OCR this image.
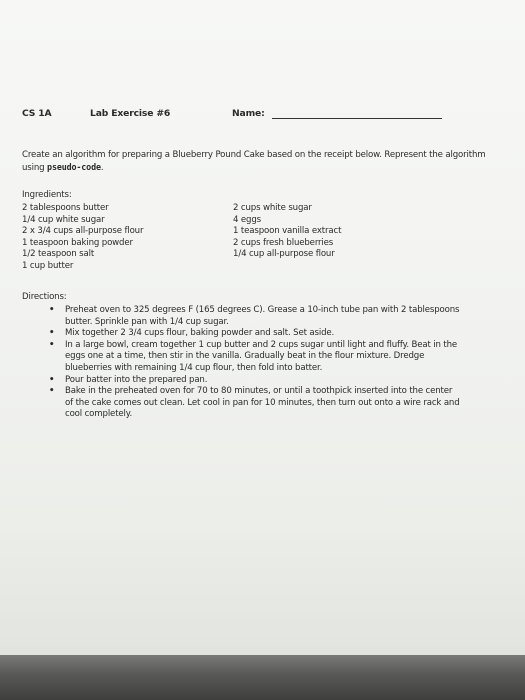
CS 1A	Lab Exercise #6	Name:
Create an algorithm for preparing a Blueberry Pound Cake based on the receipt below. Represent the algorithm using pseudo-code.
Ingredients:
2 tablespoons butter
1/4 cup white sugar
2 x 3/4 cups all-purpose flour
1 teaspoon baking powder
1/2 teaspoon salt
1 cup butter
2 cups white sugar
4 eggs
1 teaspoon vanilla extract
2 cups fresh blueberries
1/4 cup all-purpose flour
Directions:
• Preheat oven to 325 degrees F (165 degrees C). Grease a 10-inch tube pan with 2 tablespoons butter. Sprinkle pan with 1/4 cup sugar.
• Mix together 2 3/4 cups flour, baking powder and salt. Set aside.
• In a large bowl, cream together 1 cup butter and 2 cups sugar until light and fluffy. Beat in the eggs one at a time, then stir in the vanilla. Gradually beat in the flour mixture. Dredge blueberries with remaining 1/4 cup flour, then fold into batter.
• Pour batter into the prepared pan.
• Bake in the preheated oven for 70 to 80 minutes, or until a toothpick inserted into the center of the cake comes out clean. Let cool in pan for 10 minutes, then turn out onto a wire rack and cool completely.
